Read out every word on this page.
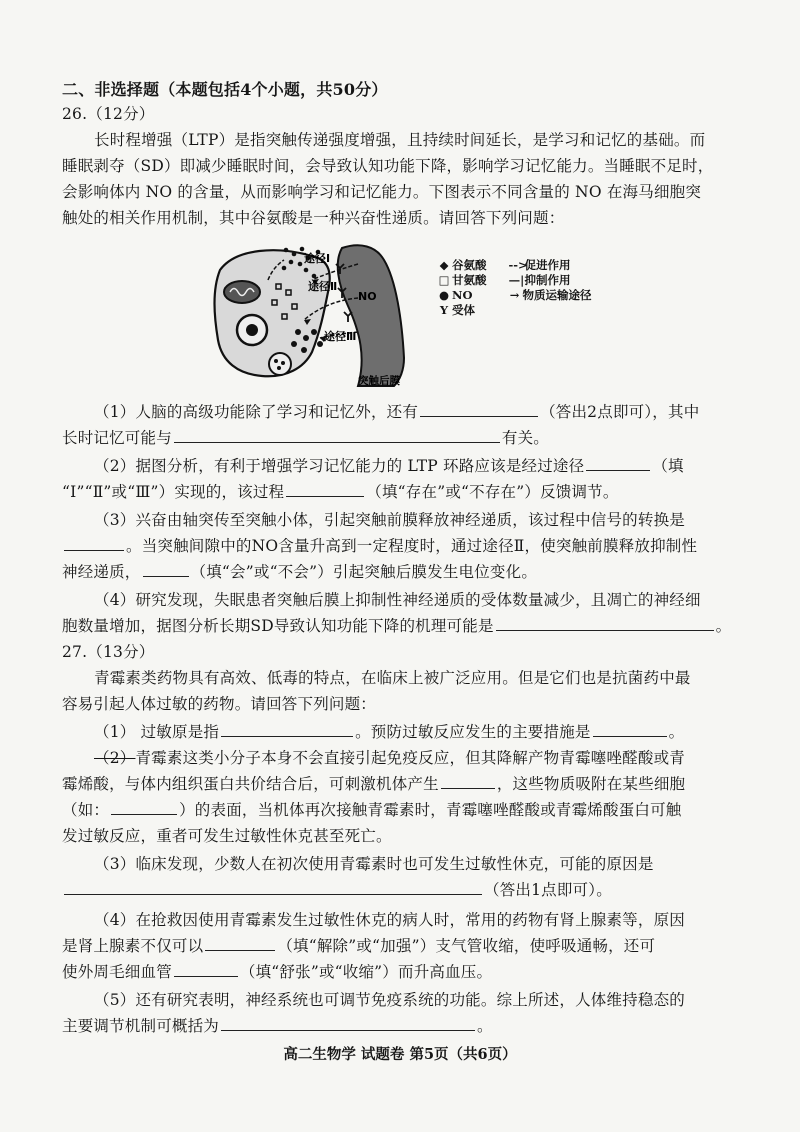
二、非选择题（本题包括4个小题，共50分）
26.（12分）
长时程增强（LTP）是指突触传递强度增强，且持续时间延长，是学习和记忆的基础。而
睡眠剥夺（SD）即减少睡眠时间，会导致认知功能下降，影响学习记忆能力。当睡眠不足时，
会影响体内 NO 的含量，从而影响学习和记忆能力。下图表示不同含量的 NO 在海马细胞突
触处的相关作用机制，其中谷氨酸是一种兴奋性递质。请回答下列问题：
途径Ⅰ
途径Ⅱ
NO
途径Ⅲ
突触后膜
◆ 谷氨酸 -->促进作用
□ 甘氨酸 —|抑制作用
● NO	→ 物质运输途径
Y 受体
（1）人脑的高级功能除了学习和记忆外，还有	（答出2点即可），其中
长时记忆可能与	有关。
（2）据图分析，有利于增强学习记忆能力的 LTP 环路应该是经过途径	（填
“Ⅰ”“Ⅱ”或“Ⅲ”）实现的，该过程	（填“存在”或“不存在”）反馈调节。
（3）兴奋由轴突传至突触小体，引起突触前膜释放神经递质，该过程中信号的转换是
。当突触间隙中的NO含量升高到一定程度时，通过途径Ⅱ，使突触前膜释放抑制性
神经递质，	（填“会”或“不会”）引起突触后膜发生电位变化。
（4）研究发现，失眠患者突触后膜上抑制性神经递质的受体数量减少，且凋亡的神经细
胞数量增加，据图分析长期SD导致认知功能下降的机理可能是	。
27.（13分）
青霉素类药物具有高效、低毒的特点，在临床上被广泛应用。但是它们也是抗菌药中最
容易引起人体过敏的药物。请回答下列问题：
（1） 过敏原是指	。预防过敏反应发生的主要措施是	。
（2）青霉素这类小分子本身不会直接引起免疫反应，但其降解产物青霉噻唑醛酸或青
霉烯酸，与体内组织蛋白共价结合后，可刺激机体产生	，这些物质吸附在某些细胞
（如：	）的表面，当机体再次接触青霉素时，青霉噻唑醛酸或青霉烯酸蛋白可触
发过敏反应，重者可发生过敏性休克甚至死亡。
（3）临床发现，少数人在初次使用青霉素时也可发生过敏性休克，可能的原因是
（答出1点即可）。
（4）在抢救因使用青霉素发生过敏性休克的病人时，常用的药物有肾上腺素等，原因
是肾上腺素不仅可以	（填“解除”或“加强”）支气管收缩，使呼吸通畅，还可
使外周毛细血管	（填“舒张”或“收缩”）而升高血压。
（5）还有研究表明，神经系统也可调节免疫系统的功能。综上所述，人体维持稳态的
主要调节机制可概括为	。
高二生物学 试题卷 第5页（共6页）
